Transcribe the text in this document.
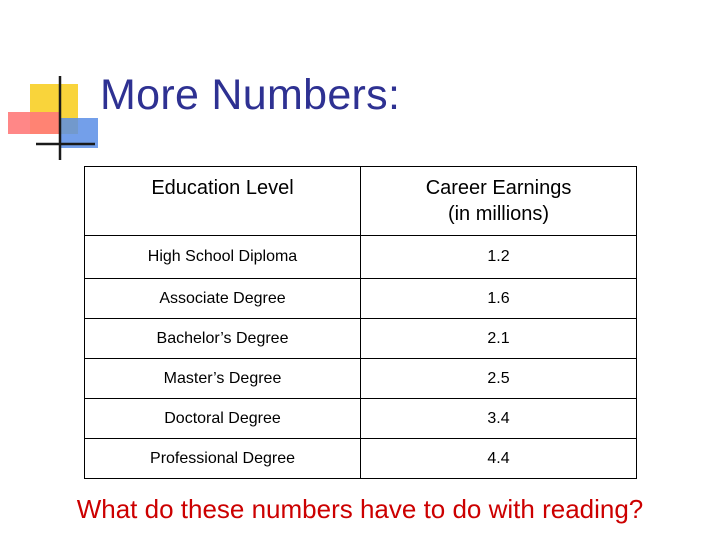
More Numbers:
Education Level	Career Earnings
(in millions)
High School Diploma	1.2
Associate Degree	1.6
Bachelor’s Degree	2.1
Master’s Degree	2.5
Doctoral Degree	3.4
Professional Degree	4.4
What do these numbers have to do with reading?
